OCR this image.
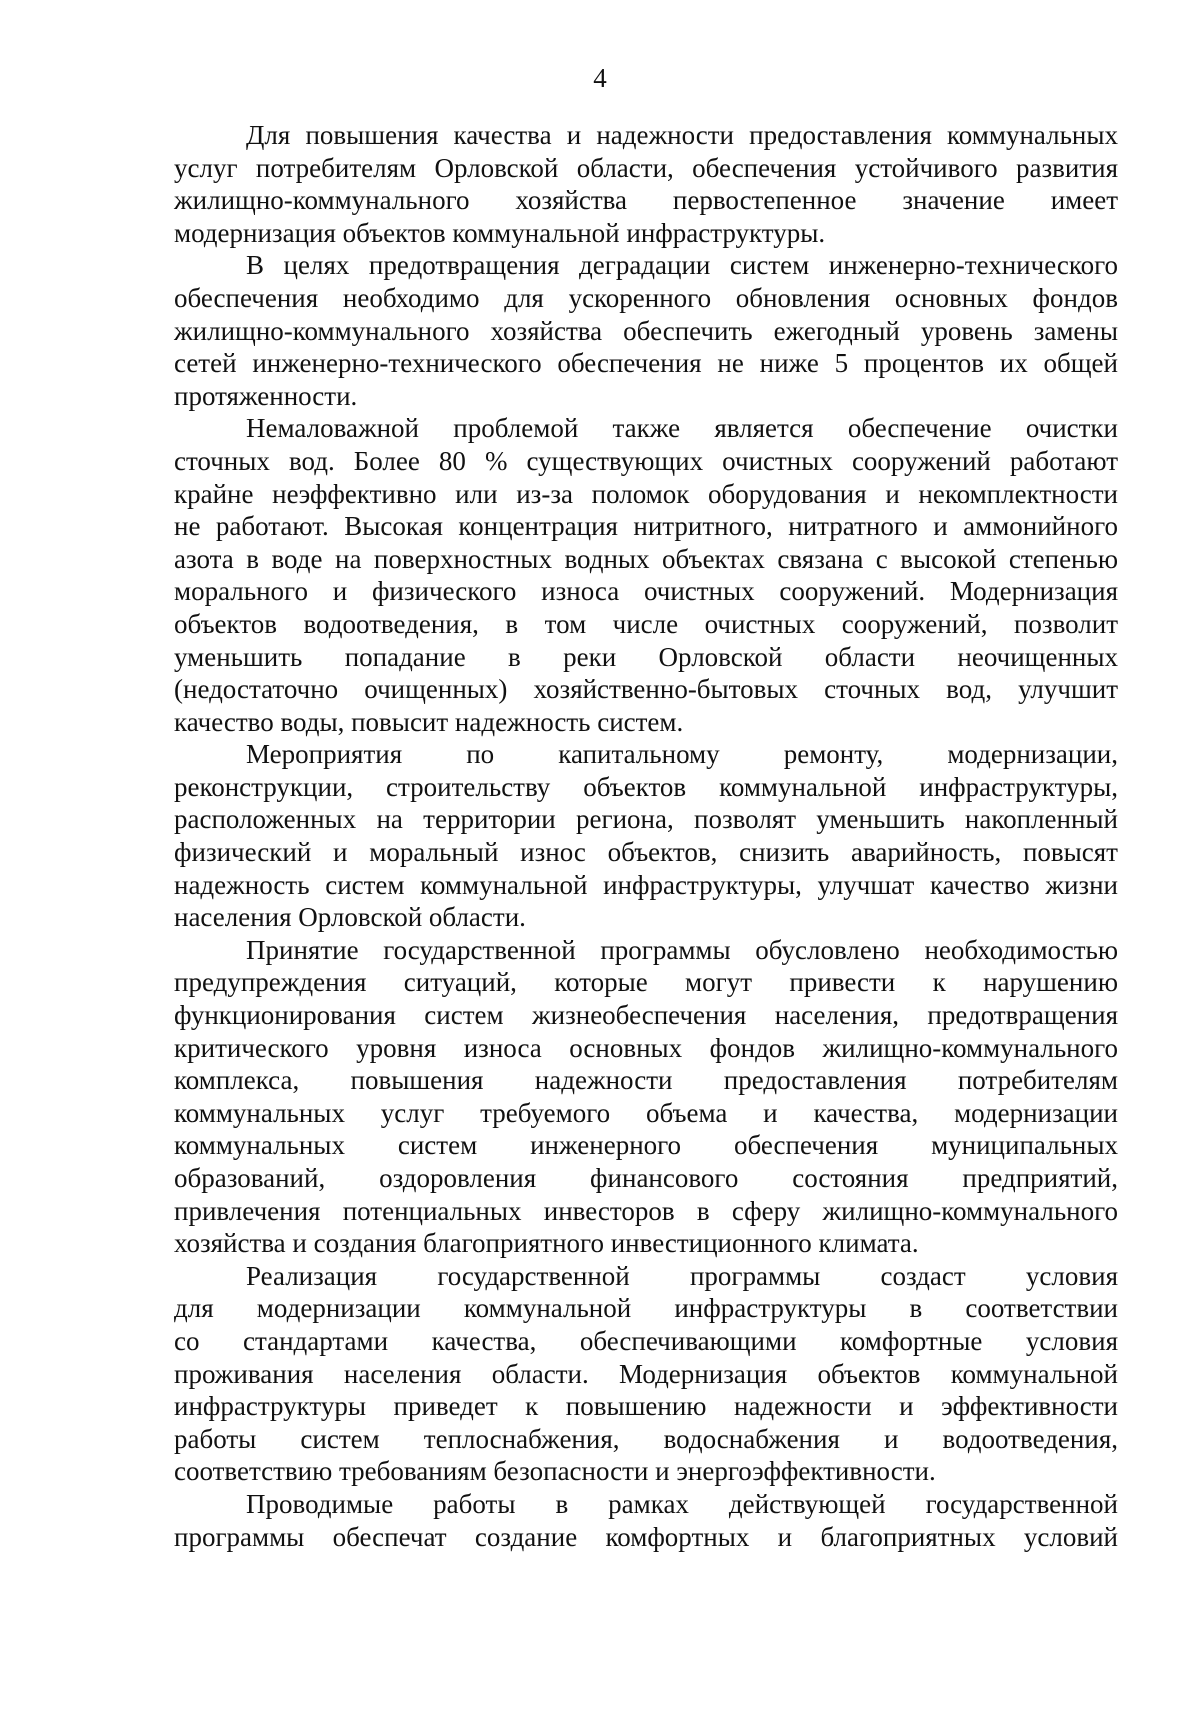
4
Для повышения качества и надежности предоставления коммунальных
услуг потребителям Орловской области, обеспечения устойчивого развития
жилищно-коммунального хозяйства первостепенное значение имеет
модернизация объектов коммунальной инфраструктуры.
В целях предотвращения деградации систем инженерно-технического
обеспечения необходимо для ускоренного обновления основных фондов
жилищно-коммунального хозяйства обеспечить ежегодный уровень замены
сетей инженерно-технического обеспечения не ниже 5 процентов их общей
протяженности.
Немаловажной проблемой также является обеспечение очистки
сточных вод. Более 80 % существующих очистных сооружений работают
крайне неэффективно или из-за поломок оборудования и некомплектности
не работают. Высокая концентрация нитритного, нитратного и аммонийного
азота в воде на поверхностных водных объектах связана с высокой степенью
морального и физического износа очистных сооружений. Модернизация
объектов водоотведения, в том числе очистных сооружений, позволит
уменьшить попадание в реки Орловской области неочищенных
(недостаточно очищенных) хозяйственно-бытовых сточных вод, улучшит
качество воды, повысит надежность систем.
Мероприятия по капитальному ремонту, модернизации,
реконструкции, строительству объектов коммунальной инфраструктуры,
расположенных на территории региона, позволят уменьшить накопленный
физический и моральный износ объектов, снизить аварийность, повысят
надежность систем коммунальной инфраструктуры, улучшат качество жизни
населения Орловской области.
Принятие государственной программы обусловлено необходимостью
предупреждения ситуаций, которые могут привести к нарушению
функционирования систем жизнеобеспечения населения, предотвращения
критического уровня износа основных фондов жилищно-коммунального
комплекса, повышения надежности предоставления потребителям
коммунальных услуг требуемого объема и качества, модернизации
коммунальных систем инженерного обеспечения муниципальных
образований, оздоровления финансового состояния предприятий,
привлечения потенциальных инвесторов в сферу жилищно-коммунального
хозяйства и создания благоприятного инвестиционного климата.
Реализация государственной программы создаст условия
для модернизации коммунальной инфраструктуры в соответствии
со стандартами качества, обеспечивающими комфортные условия
проживания населения области. Модернизация объектов коммунальной
инфраструктуры приведет к повышению надежности и эффективности
работы систем теплоснабжения, водоснабжения и водоотведения,
соответствию требованиям безопасности и энергоэффективности.
Проводимые работы в рамках действующей государственной
программы обеспечат создание комфортных и благоприятных условий
